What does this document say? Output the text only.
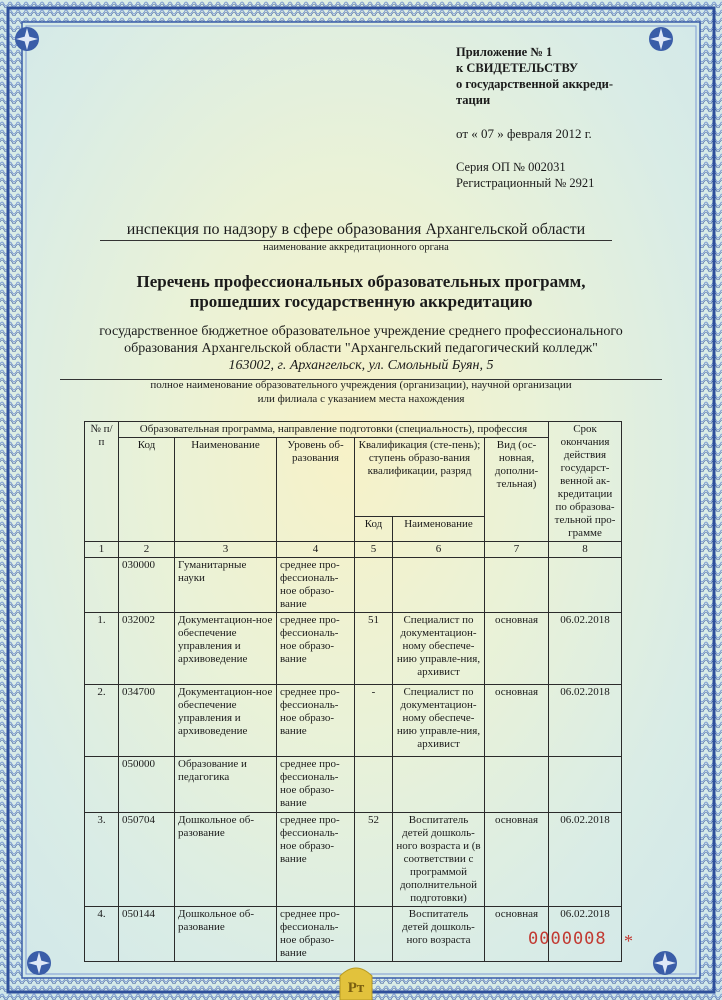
Приложение № 1
к СВИДЕТЕЛЬСТВУ
о государственной аккреди-
тации
от « 07 » февраля 2012 г.
Серия ОП № 002031
Регистрационный № 2921
инспекция по надзору в сфере образования Архангельской области
наименование аккредитационного органа
Перечень профессиональных образовательных программ,
прошедших государственную аккредитацию
государственное бюджетное образовательное учреждение среднего профессионального
образования Архангельской области "Архангельский педагогический колледж"
163002, г. Архангельск, ул. Смольный Буян, 5
полное наименование образовательного учреждения (организации), научной организации
или филиала с указанием места нахождения
№ п/п	Образовательная программа, направление подготовки (специальность), профессия						Срок окончания действия государст-венной ак-кредитации по образова-тельной про-грамме
	Код	Наименование	Уровень об-разования	Квалификация (сте-пень); ступень образо-вания квалификации, разряд		Вид (ос-новная, дополни-тельная)	
				Код	Наименование		
1	2	3	4	5	6	7	8
	030000	Гуманитарные науки	среднее про-фессиональ-ное образо-вание				
1.	032002	Документацион-ное обеспечение управления и архивоведение	среднее про-фессиональ-ное образо-вание	51	Специалист по документацион-ному обеспече-нию управле-ния, архивист	основная	06.02.2018
2.	034700	Документацион-ное обеспечение управления и архивоведение	среднее про-фессиональ-ное образо-вание	-	Специалист по документацион-ному обеспече-нию управле-ния, архивист	основная	06.02.2018
	050000	Образование и педагогика	среднее про-фессиональ-ное образо-вание				
3.	050704	Дошкольное об-разование	среднее про-фессиональ-ное образо-вание	52	Воспитатель детей дошколь-ного возраста и (в соответствии с программой дополнительной подготовки)	основная	06.02.2018
4.	050144	Дошкольное об-разование	среднее про-фессиональ-ное образо-вание		Воспитатель детей дошколь-ного возраста	основная	06.02.2018
0000008 *
Рт
